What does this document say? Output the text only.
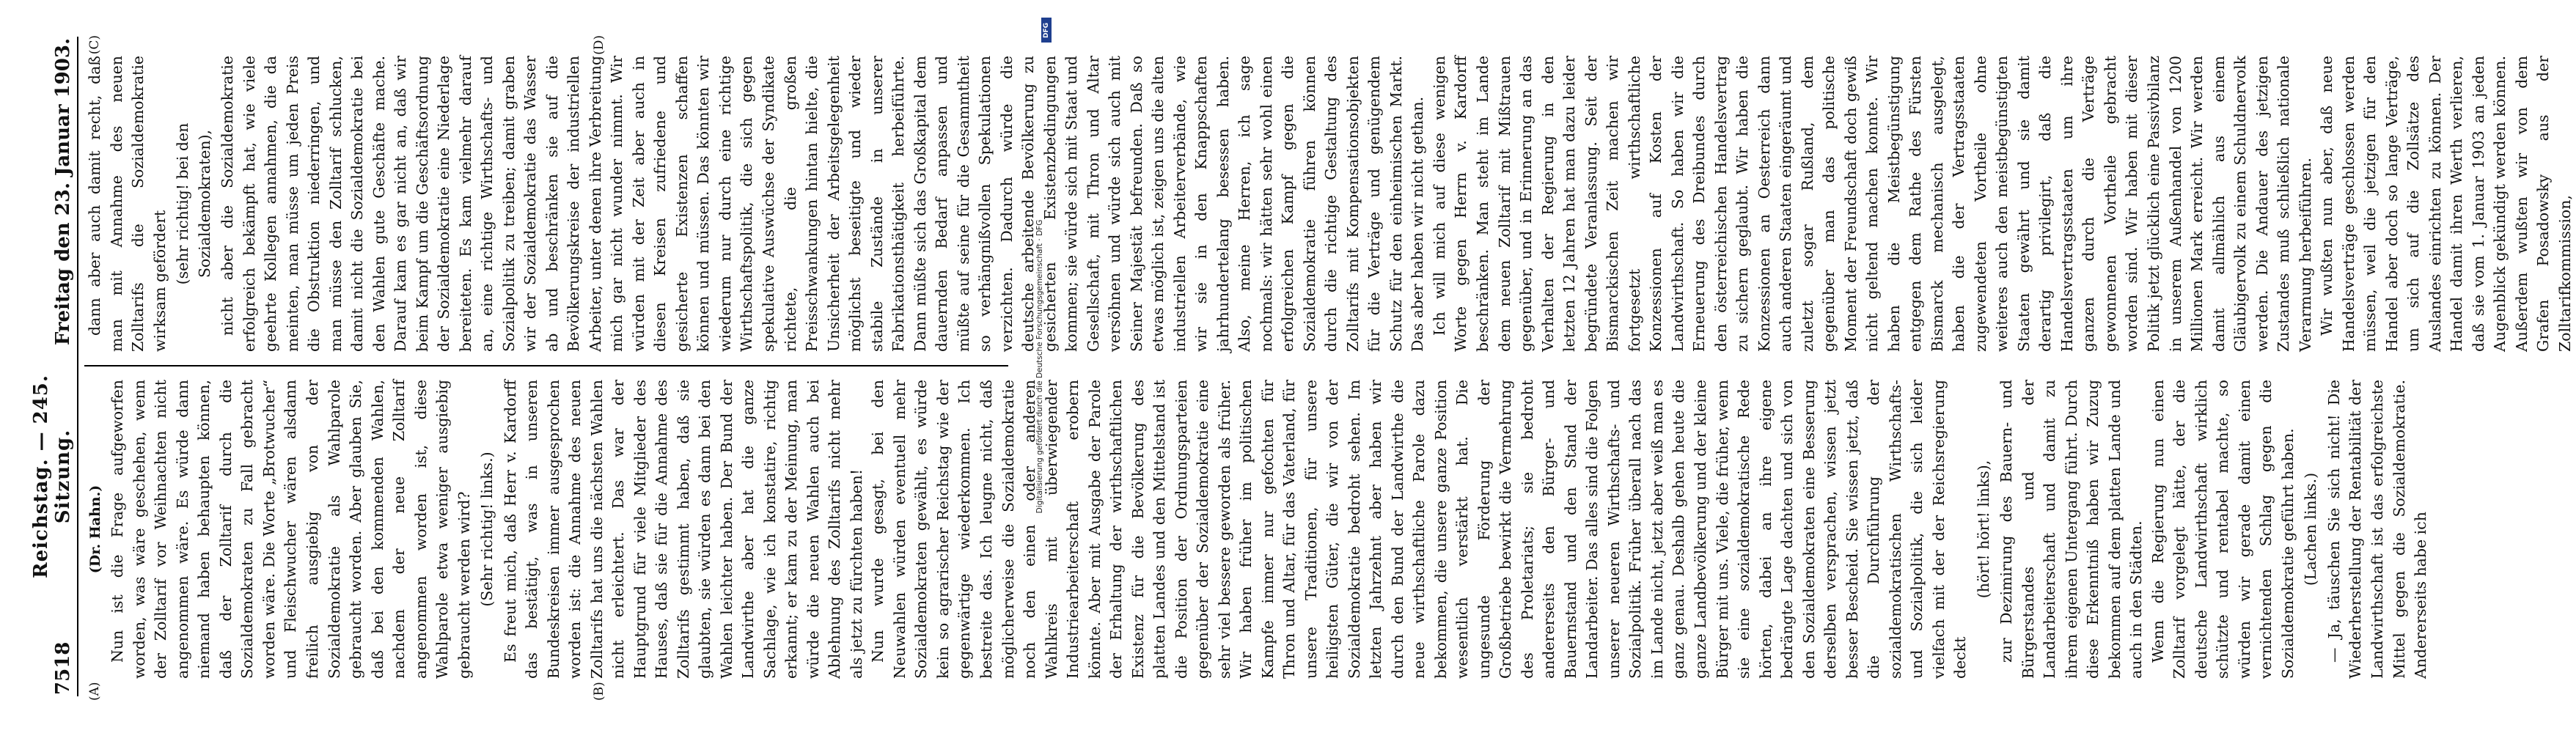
7518
Reichstag. — 245. Sitzung.
Freitag den 23. Januar 1903.
(A)	(B)

(Dr. Hahn.) Nun ist die Frage aufgeworfen worden, was wäre geschehen, wenn der Zolltarif vor Weihnachten nicht angenommen wäre. Es würde dann niemand haben behaupten können, daß der Zolltarif durch die Sozialdemokraten zu Fall gebracht worden wäre. Die Worte „Brotwucher“ und Fleischwucher wären alsdann freilich ausgiebig von der Sozialdemokratie als Wahlparole gebraucht worden. Aber glauben Sie, daß bei den kommenden Wahlen, nachdem der neue Zolltarif angenommen worden ist, diese Wahlparole etwa weniger ausgiebig gebraucht werden wird? (Sehr richtig! links.) Es freut mich, daß Herr v. Kardorff das bestätigt, was in unseren Bundeskreisen immer ausgesprochen worden ist: die Annahme des neuen Zolltarifs hat uns die nächsten Wahlen nicht erleichtert. Das war der Hauptgrund für viele Mitglieder des Hauses, daß sie für die Annahme des Zolltarifs gestimmt haben, daß sie glaubten, sie würden es dann bei den Wahlen leichter haben. Der Bund der Landwirthe aber hat die ganze Sachlage, wie ich konstatire, richtig erkannt; er kam zu der Meinung, man würde die neuen Wahlen auch bei Ablehnung des Zolltarifs nicht mehr als jetzt zu fürchten haben! Nun wurde gesagt, bei den Neuwahlen würden eventuell mehr Sozialdemokraten gewählt, es würde kein so agrarischer Reichstag wie der gegenwärtige wiederkommen. Ich bestreite das. Ich leugne nicht, daß möglicherweise die Sozialdemokratie noch den einen oder anderen Wahlkreis mit überwiegender Industriearbeiterschaft erobern könnte. Aber mit Ausgabe der Parole der Erhaltung der wirthschaftlichen Existenz für die Bevölkerung des platten Landes und den Mittelstand ist die Position der Ordnungsparteien gegenüber der Sozialdemokratie eine sehr viel bessere geworden als früher. Wir haben früher im politischen Kampfe immer nur gefochten für Thron und Altar, für das Vaterland, für unsere Traditionen, für unsere heiligsten Güter, die wir von der Sozialdemokratie bedroht sehen. Im letzten Jahrzehnt aber haben wir durch den Bund der Landwirthe die neue wirthschaftliche Parole dazu bekommen, die unsere ganze Position wesentlich verstärkt hat. Die ungesunde Förderung der Großbetriebe bewirkt die Vermehrung des Proletariats; sie bedroht andererseits den Bürger- und Bauernstand und den Stand der Landarbeiter. Das alles sind die Folgen unserer neueren Wirthschafts- und Sozialpolitik. Früher überall nach das im Lande nicht, jetzt aber weiß man es ganz genau. Deshalb gehen heute die ganze Landbevölkerung und der kleine Bürger mit uns. Viele, die früher, wenn sie eine sozialdemokratische Rede hörten, dabei an ihre eigene bedrängte Lage dachten und sich von den Sozialdemokraten eine Besserung derselben versprachen, wissen jetzt besser Bescheid. Sie wissen jetzt, daß die Durchführung der sozialdemokratischen Wirthschafts- und Sozialpolitik, die sich leider vielfach mit der der Reichsregierung deckt

(hört! hört! links), zur Dezimirung des Bauern- und Bürgerstandes und der Landarbeiterschaft und damit zu ihrem eigenen Untergang führt. Durch diese Erkenntniß haben wir Zuzug bekommen auf dem platten Lande und auch in den Städten. Wenn die Regierung nun einen Zolltarif vorgelegt hätte, der die deutsche Landwirthschaft wirklich schützte und rentabel machte, so würden wir gerade damit einen vernichtenden Schlag gegen die Sozialdemokratie geführt haben. (Lachen links.) — Ja, täuschen Sie sich nicht! Die Wiederherstellung der Rentabilität der Landwirthschaft ist das erfolgreichste Mittel gegen die Sozialdemokratie. Andererseits habe ich

(C)	(D)

dann aber auch damit recht, daß man mit Annahme des neuen Zolltarifs die Sozialdemokratie wirksam gefördert (sehr richtig! bei den Sozialdemokraten), nicht aber die Sozialdemokratie erfolgreich bekämpft hat, wie viele geehrte Kollegen annahmen, die da meinten, man müsse um jeden Preis die Obstruktion niederringen, und man müsse den Zolltarif schlucken, damit nicht die Sozialdemokratie bei den Wahlen gute Geschäfte mache. Darauf kam es gar nicht an, daß wir beim Kampf um die Geschäftsordnung der Sozialdemokratie eine Niederlage bereiteten. Es kam vielmehr darauf an, eine richtige Wirthschafts- und Sozialpolitik zu treiben; damit graben wir der Sozialdemokratie das Wasser ab und beschränken sie auf die Bevölkerungskreise der industriellen Arbeiter, unter denen ihre Verbreitung mich gar nicht wunder nimmt. Wir würden mit der Zeit aber auch in diesen Kreisen zufriedene und gesicherte Existenzen schaffen können und müssen. Das könnten wir wiederum nur durch eine richtige Wirthschaftspolitik, die sich gegen spekulative Auswüchse der Syndikate richtete, die großen Preisschwankungen hintan hielte, die Unsicherheit der Arbeitsgelegenheit möglichst beseitigte und wieder stabile Zustände in unserer Fabrikationsthätigkeit herbeiführte. Dann müßte sich das Großkapital dem dauernden Bedarf anpassen und müßte auf seine für die Gesammtheit so verhängnißvollen Spekulationen verzichten. Dadurch würde die deutsche arbeitende Bevölkerung zu gesicherten Existenzbedingungen kommen; sie würde sich mit Staat und Gesellschaft, mit Thron und Altar versöhnen und würde sich auch mit Seiner Majestät befreunden. Daß so etwas möglich ist, zeigen uns die alten industriellen Arbeiterverbände, wie wir sie in den Knappschaften jahrhundertelang besessen haben. Also, meine Herren, ich sage nochmals: wir hätten sehr wohl einen erfolgreichen Kampf gegen die Sozialdemokratie führen können durch die richtige Gestaltung des Zolltarifs mit Kompensationsobjekten für die Verträge und genügendem Schutz für den einheimischen Markt. Das aber haben wir nicht gethan. Ich will mich auf diese wenigen Worte gegen Herrn v. Kardorff beschränken. Man steht im Lande dem neuen Zolltarif mit Mißtrauen gegenüber, und in Erinnerung an das Verhalten der Regierung in den letzten 12 Jahren hat man dazu leider begründete Veranlassung. Seit der Bismarckischen Zeit machen wir fortgesetzt wirthschaftliche Konzessionen auf Kosten der Landwirthschaft. So haben wir die Erneuerung des Dreibundes durch den österreichischen Handelsvertrag zu sichern geglaubt. Wir haben die Konzessionen an Oesterreich dann auch anderen Staaten eingeräumt und zuletzt sogar Rußland, dem gegenüber man das politische Moment der Freundschaft doch gewiß nicht geltend machen konnte. Wir haben die Meistbegünstigung entgegen dem Rathe des Fürsten Bismarck mechanisch ausgelegt, haben die der Vertragsstaaten zugewendeten Vortheile ohne weiteres auch den meistbegünstigten Staaten gewährt und sie damit derartig privilegirt, daß die Handelsvertragsstaaten um ihre ganzen durch die Verträge gewonnenen Vortheile gebracht worden sind. Wir haben mit dieser Politik jetzt glücklich eine Passivbilanz in unserem Außenhandel von 1200 Millionen Mark erreicht. Wir werden damit allmählich aus einem Gläubigervolk zu einem Schuldnervolk werden. Die Andauer des jetzigen Zustandes muß schließlich nationale Verarmung herbeiführen. Wir wußten nun aber, daß neue Handelsverträge geschlossen werden müssen, weil die jetzigen für den Handel aber doch so lange Verträge, um sich auf die Zollsätze des Auslandes einrichten zu können. Der Handel damit ihren Werth verlieren, daß sie vom 1. Januar 1903 an jeden Augenblick gekündigt werden können. Außerdem wußten wir von dem Grafen Posadowsky aus der Zolltarifkommission,

Digitalisierung gefördert durch die Deutsche Forschungsgemeinschaft · DFG
DFG
